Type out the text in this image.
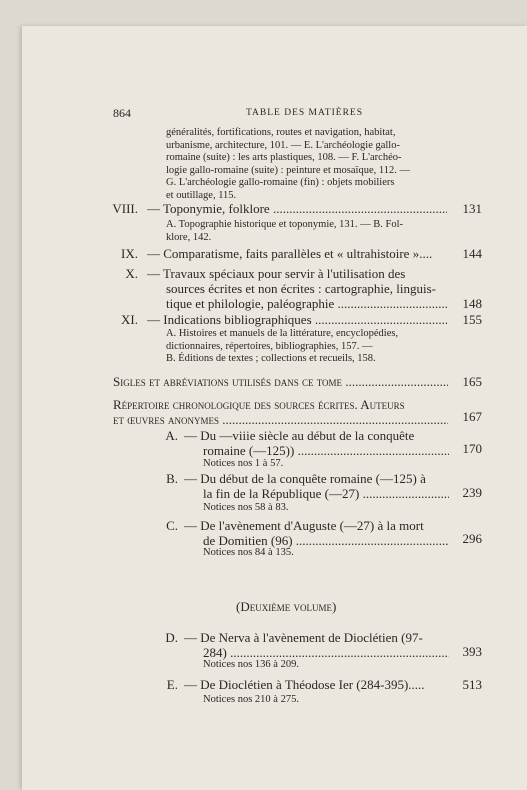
864	TABLE DES MATIÈRES
généralités, fortifications, routes et navigation, habitat,
urbanisme, architecture, 101. — E. L'archéologie gallo-
romaine (suite) : les arts plastiques, 108. — F. L'archéo-
logie gallo-romaine (suite) : peinture et mosaïque, 112. —
G. L'archéologie gallo-romaine (fin) : objets mobiliers
et outillage, 115.
VIII. — Toponymie, folklore .....	131
A. Topographie historique et toponymie, 131. — B. Fol-
klore, 142.
IX. — Comparatisme, faits parallèles et « ultrahistoire »....	144
X. — Travaux spéciaux pour servir à l'utilisation des
sources écrites et non écrites : cartographie, linguis-
tique et philologie, paléographie .....	148
XI. — Indications bibliographiques .....	155
A. Histoires et manuels de la littérature, encyclopédies,
dictionnaires, répertoires, bibliographies, 157. —
B. Éditions de textes ; collections et recueils, 158.
Sigles et abréviations utilisés dans ce tome .....	165
Répertoire chronologique des sources écrites. Auteurs
et œuvres anonymes .....	167
A. — Du —viiie siècle au début de la conquête
romaine (—125)) .....	170
Notices nos 1 à 57.
B. — Du début de la conquête romaine (—125) à
la fin de la République (—27) .....	239
Notices nos 58 à 83.
C. — De l'avènement d'Auguste (—27) à la mort
de Domitien (96) .....	296
Notices nos 84 à 135.
(Deuxième volume)
D. — De Nerva à l'avènement de Dioclétien (97-
284) .....	393
Notices nos 136 à 209.
E. — De Dioclétien à Théodose Ier (284-395).....	513
Notices nos 210 à 275.
